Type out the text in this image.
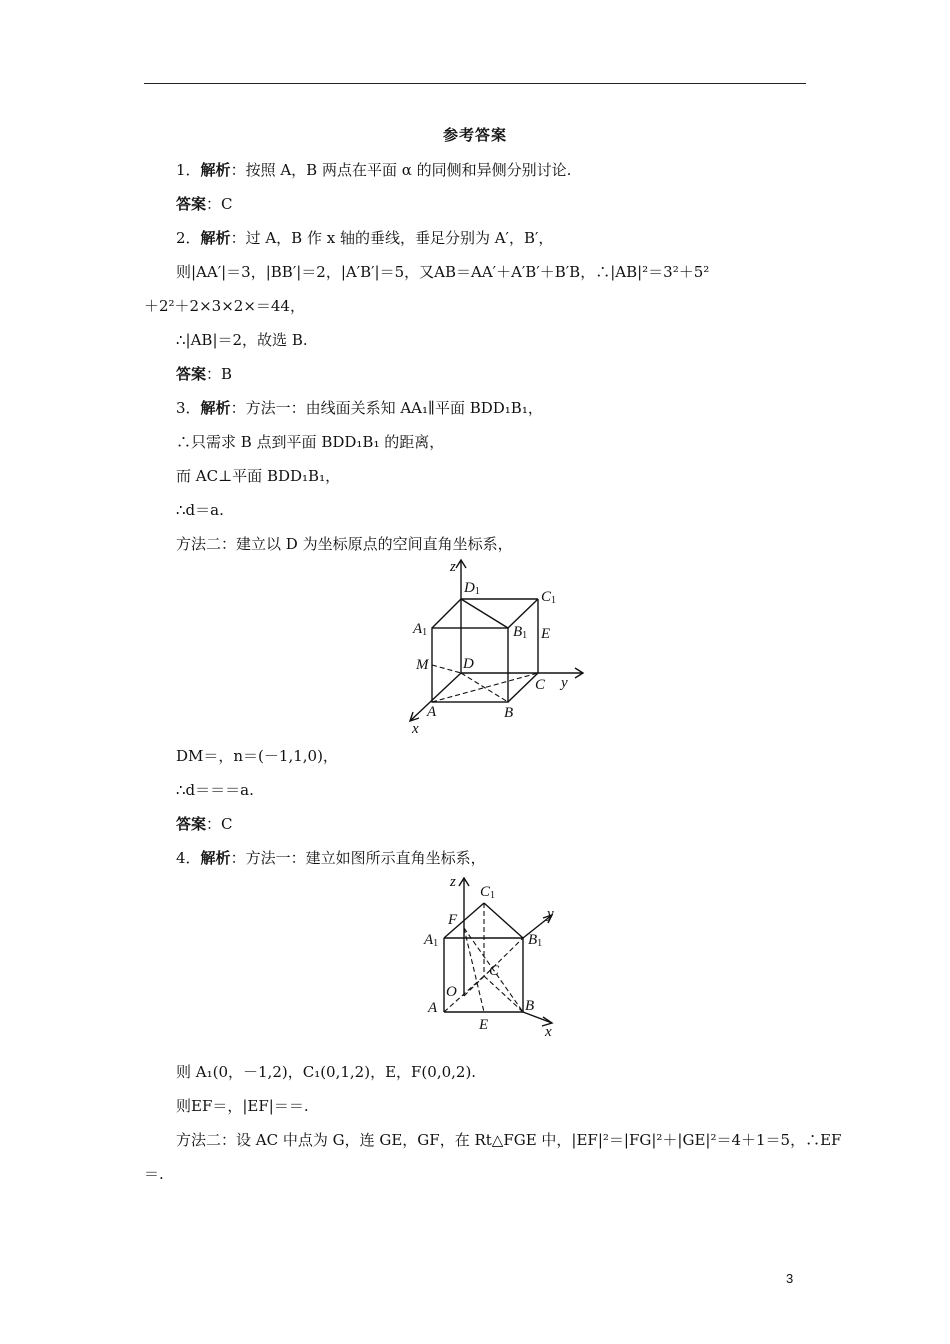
参考答案
1．解析：按照 A，B 两点在平面 α 的同侧和异侧分别讨论.
答案：C
2．解析：过 A，B 作 x 轴的垂线，垂足分别为 A′，B′，
则|AA′|＝3，|BB′|＝2，|A′B′|＝5，又AB＝AA′＋A′B′＋B′B，∴|AB|²＝3²＋5²
＋2²＋2×3×2×＝44，
∴|AB|＝2，故选 B.
答案：B
3．解析：方法一：由线面关系知 AA₁∥平面 BDD₁B₁，
∴只需求 B 点到平面 BDD₁B₁ 的距离，
而 AC⊥平面 BDD₁B₁，
∴d＝a.
方法二：建立以 D 为坐标原点的空间直角坐标系，
z
D1	C1
A1	B1 E
M D
C y
A	B
x
DM＝，n＝(－1,1,0)，
∴d＝＝＝a.
答案：C
4．解析：方法一：建立如图所示直角坐标系，
z
C1
y
F
A1	B1
C
O
A	B
E	x
则 A₁(0，－1,2)，C₁(0,1,2)，E，F(0,0,2).
则EF＝，|EF|＝＝.
方法二：设 AC 中点为 G，连 GE，GF，在 Rt△FGE 中，|EF|²＝|FG|²＋|GE|²＝4＋1＝5，∴EF
＝.
3
